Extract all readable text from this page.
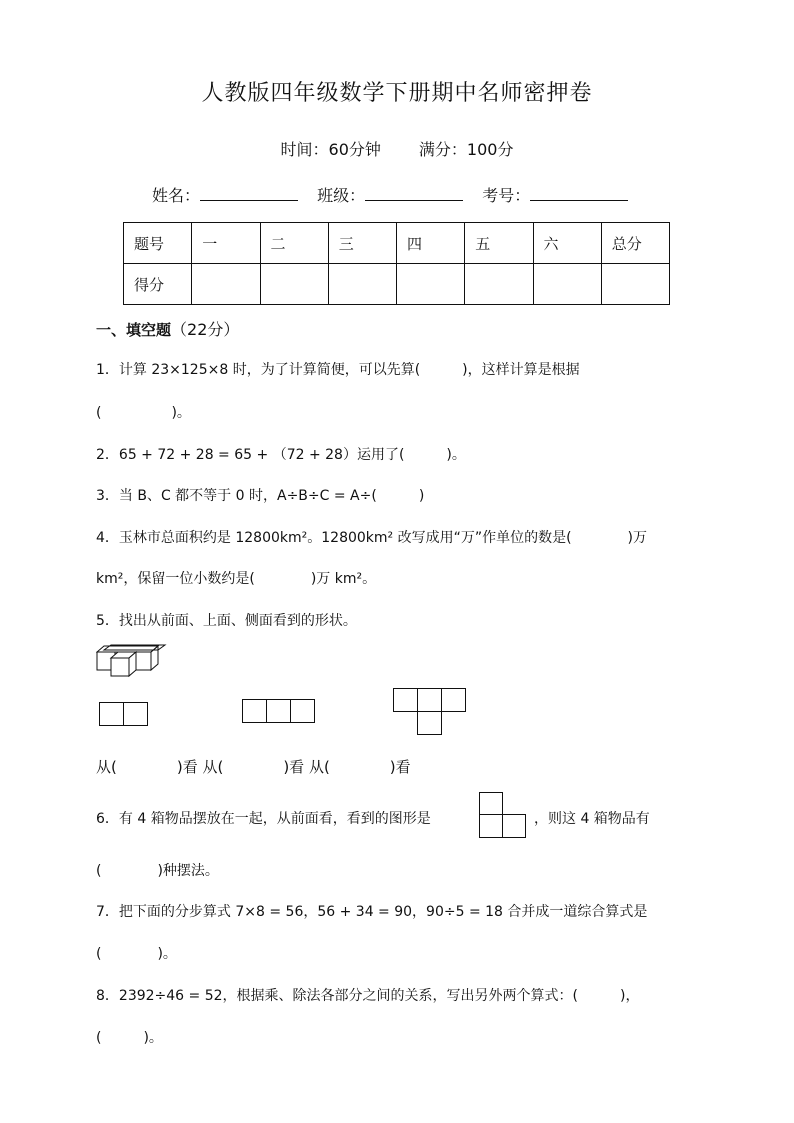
人教版四年级数学下册期中名师密押卷
时间：60分钟 满分：100分
姓名：	班级：	考号：
题号	一	二	三	四	五	六	总分
得分							
一、填空题（22分）
1．计算 23×125×8 时，为了计算简便，可以先算(　　　)，这样计算是根据
(　　　　　)。
2．65 + 72 + 28 = 65 + （72 + 28）运用了(　　　)。
3．当 B、C 都不等于 0 时，A÷B÷C = A÷(　　　)
4．玉林市总面积约是 12800km²。12800km² 改写成用“万”作单位的数是(　　　　)万
km²，保留一位小数约是(　　　　)万 km²。
5．找出从前面、上面、侧面看到的形状。
从(　　　　)看 从(　　　　)看 从(　　　　)看
6．有 4 箱物品摆放在一起，从前面看，看到的图形是	，则这 4 箱物品有
(　　　　)种摆法。
7．把下面的分步算式 7×8 = 56，56 + 34 = 90，90÷5 = 18 合并成一道综合算式是
(　　　　)。
8．2392÷46 = 52，根据乘、除法各部分之间的关系，写出另外两个算式：(　　　)，
(　　　)。
